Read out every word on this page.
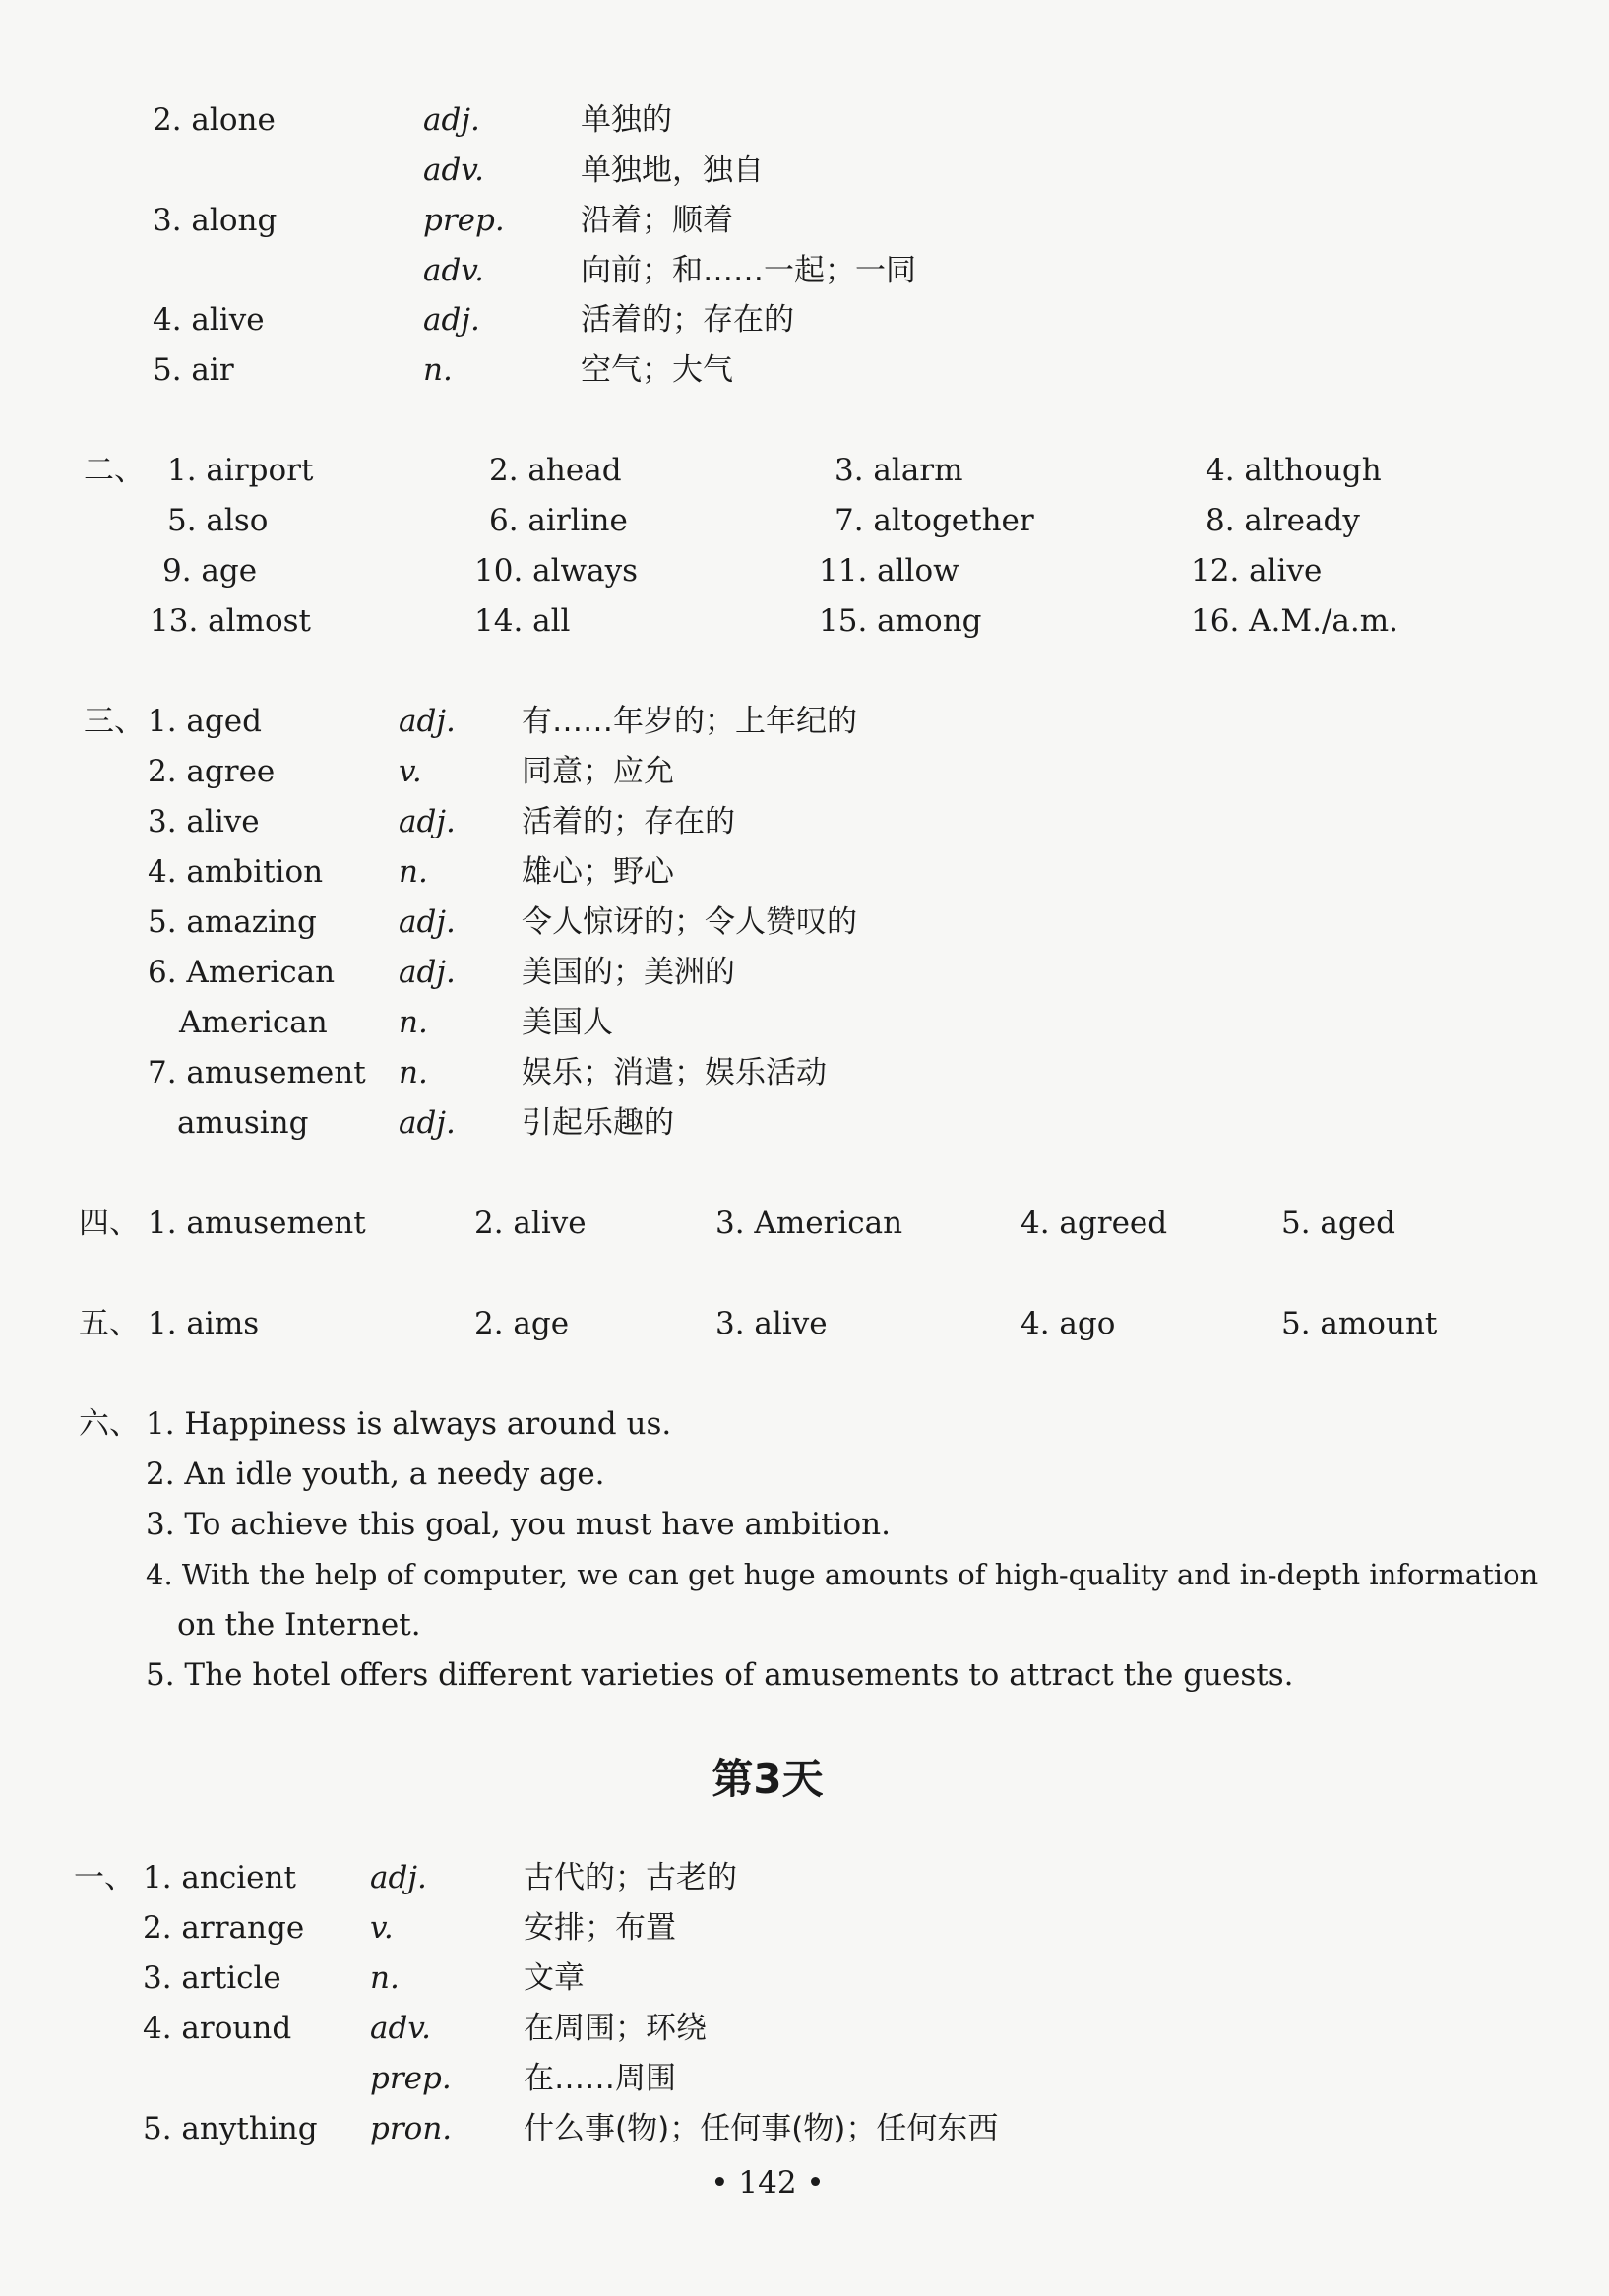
2. alone	adj.	单独的
adv.	单独地，独自
3. along	prep. 沿着；顺着
adv.	向前；和……一起；一同
4. alive	adj.	活着的；存在的
5. air	n.	空气；大气
二、 1. airport	2. ahead	3. alarm	4. although
5. also	6. airline	7. altogether	8. already
9. age	10. always	11. allow	12. alive
13. almost	14. all	15. among	16. A.M./a.m.
三、 1. aged	adj. 有……年岁的；上年纪的
2. agree	v.	同意；应允
3. alive	adj. 活着的；存在的
4. ambition n.	雄心；野心
5. amazing	adj. 令人惊讶的；令人赞叹的
6. American adj. 美国的；美洲的
American n.	美国人
7. amusement n.	娱乐；消遣；娱乐活动
amusing	adj. 引起乐趣的
四、 1. amusement	2. alive	3. American	4. agreed	5. aged
五、 1. aims	2. age	3. alive	4. ago	5. amount
六、 1. Happiness is always around us.
2. An idle youth, a needy age.
3. To achieve this goal, you must have ambition.
4. With the help of computer, we can get huge amounts of high-quality and in-depth information
on the Internet.
5. The hotel offers different varieties of amusements to attract the guests.
第3天
一、 1. ancient adj.	古代的；古老的
2. arrange v.	安排；布置
3. article	n.	文章
4. around	adv.	在周围；环绕
prep. 在……周围
5. anything pron. 什么事(物)；任何事(物)；任何东西
• 142 •
